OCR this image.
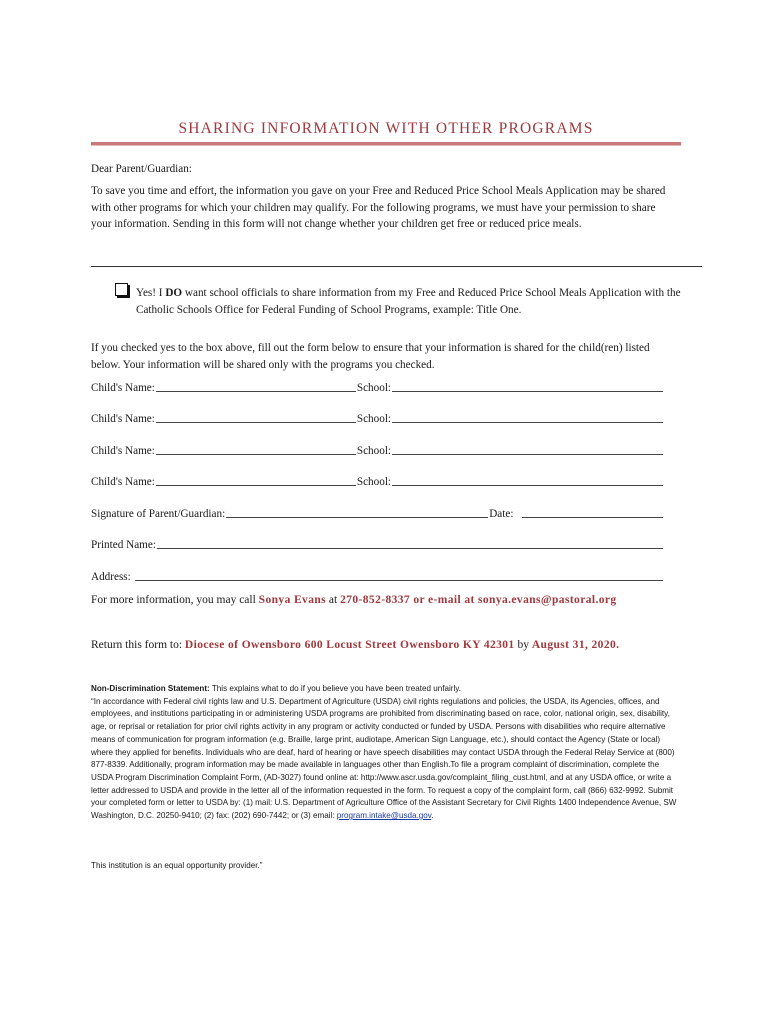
SHARING INFORMATION WITH OTHER PROGRAMS
Dear Parent/Guardian:
To save you time and effort, the information you gave on your Free and Reduced Price School Meals Application may be shared with other programs for which your children may qualify. For the following programs, we must have your permission to share your information. Sending in this form will not change whether your children get free or reduced price meals.
Yes! I DO want school officials to share information from my Free and Reduced Price School Meals Application with the Catholic Schools Office for Federal Funding of School Programs, example: Title One.
If you checked yes to the box above, fill out the form below to ensure that your information is shared for the child(ren) listed below. Your information will be shared only with the programs you checked.
Child's Name:	School:
Child's Name:	School:
Child's Name:	School:
Child's Name:	School:
Signature of Parent/Guardian:	Date:
Printed Name:
Address:
For more information, you may call Sonya Evans at 270-852-8337 or e-mail at sonya.evans@pastoral.org
Return this form to: Diocese of Owensboro 600 Locust Street Owensboro KY 42301 by August 31, 2020.
Non-Discrimination Statement: This explains what to do if you believe you have been treated unfairly.
“In accordance with Federal civil rights law and U.S. Department of Agriculture (USDA) civil rights regulations and policies, the USDA, its Agencies, offices, and employees, and institutions participating in or administering USDA programs are prohibited from discriminating based on race, color, national origin, sex, disability, age, or reprisal or retaliation for prior civil rights activity in any program or activity conducted or funded by USDA. Persons with disabilities who require alternative means of communication for program information (e.g. Braille, large print, audiotape, American Sign Language, etc.), should contact the Agency (State or local) where they applied for benefits. Individuals who are deaf, hard of hearing or have speech disabilities may contact USDA through the Federal Relay Service at (800) 877-8339. Additionally, program information may be made available in languages other than English.To file a program complaint of discrimination, complete the USDA Program Discrimination Complaint Form, (AD-3027) found online at: http://www.ascr.usda.gov/complaint_filing_cust.html, and at any USDA office, or write a letter addressed to USDA and provide in the letter all of the information requested in the form. To request a copy of the complaint form, call (866) 632-9992. Submit your completed form or letter to USDA by: (1) mail: U.S. Department of Agriculture Office of the Assistant Secretary for Civil Rights 1400 Independence Avenue, SW Washington, D.C. 20250-9410; (2) fax: (202) 690-7442; or (3) email: program.intake@usda.gov.
This institution is an equal opportunity provider.”
